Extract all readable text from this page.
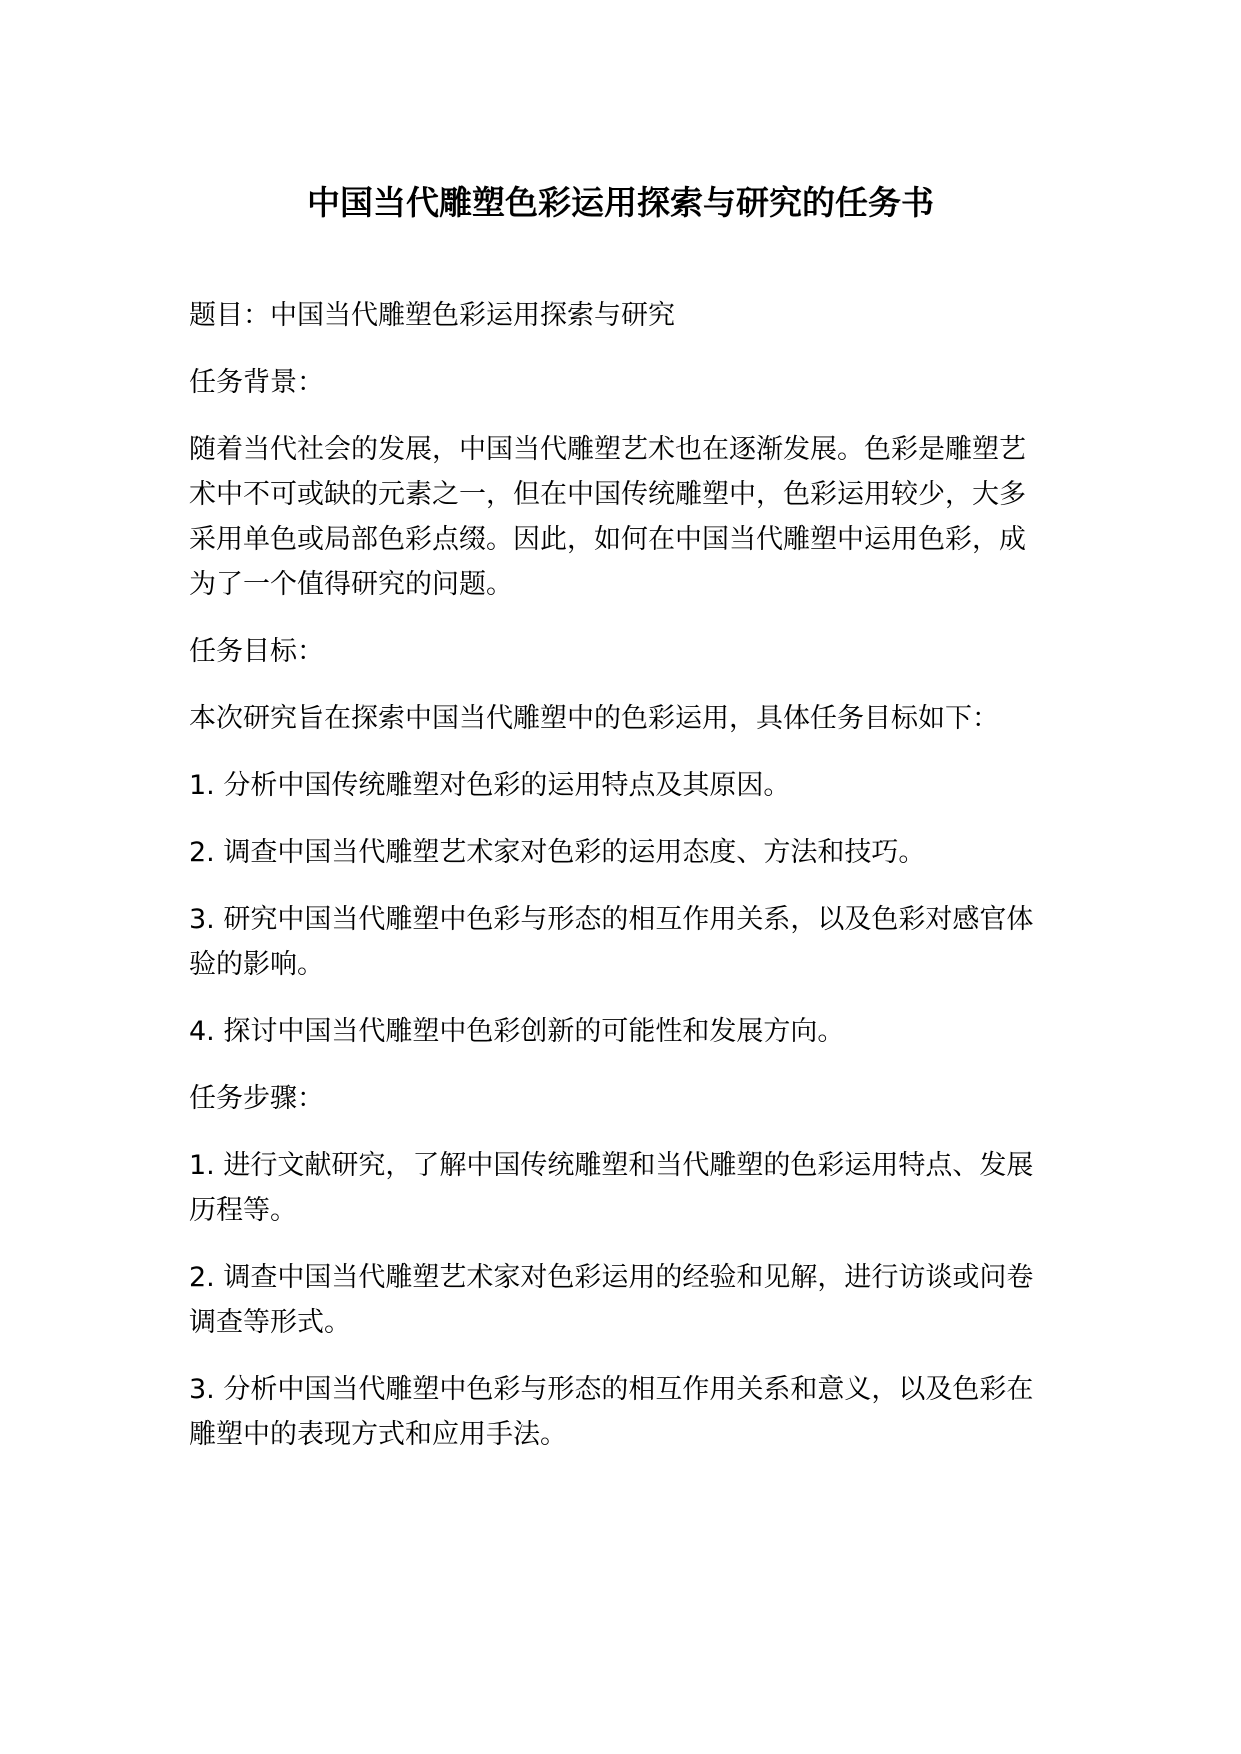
中国当代雕塑色彩运用探索与研究的任务书

题目：中国当代雕塑色彩运用探索与研究

任务背景：

随着当代社会的发展，中国当代雕塑艺术也在逐渐发展。色彩是雕塑艺术中不可或缺的元素之一，但在中国传统雕塑中，色彩运用较少，大多采用单色或局部色彩点缀。因此，如何在中国当代雕塑中运用色彩，成为了一个值得研究的问题。

任务目标：

本次研究旨在探索中国当代雕塑中的色彩运用，具体任务目标如下：

1. 分析中国传统雕塑对色彩的运用特点及其原因。

2. 调查中国当代雕塑艺术家对色彩的运用态度、方法和技巧。

3. 研究中国当代雕塑中色彩与形态的相互作用关系，以及色彩对感官体验的影响。

4. 探讨中国当代雕塑中色彩创新的可能性和发展方向。

任务步骤：

1. 进行文献研究，了解中国传统雕塑和当代雕塑的色彩运用特点、发展历程等。

2. 调查中国当代雕塑艺术家对色彩运用的经验和见解，进行访谈或问卷调查等形式。

3. 分析中国当代雕塑中色彩与形态的相互作用关系和意义，以及色彩在雕塑中的表现方式和应用手法。
